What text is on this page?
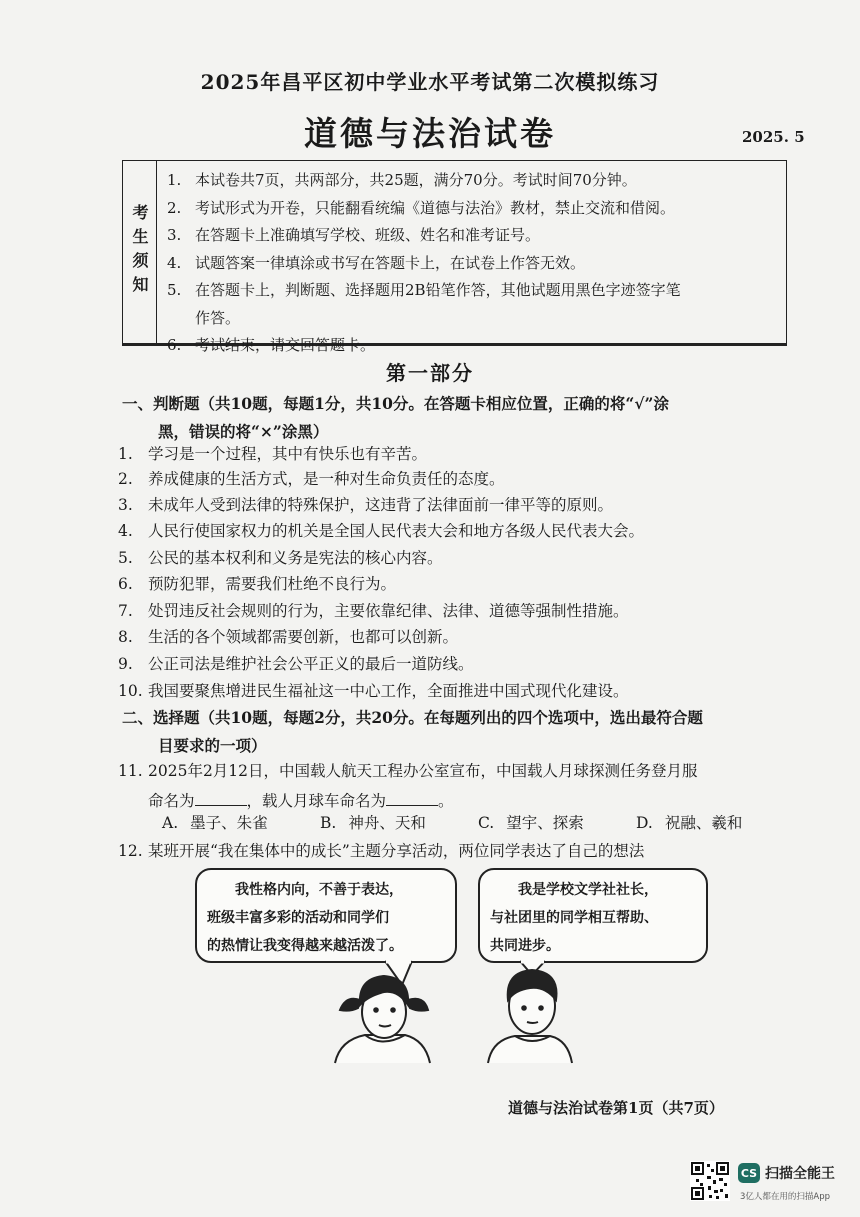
2025年昌平区初中学业水平考试第二次模拟练习
道德与法治试卷	2025. 5
考生须知
1. 本试卷共7页，共两部分，共25题，满分70分。考试时间70分钟。
2. 考试形式为开卷，只能翻看统编《道德与法治》教材，禁止交流和借阅。
3. 在答题卡上准确填写学校、班级、姓名和准考证号。
4. 试题答案一律填涂或书写在答题卡上，在试卷上作答无效。
5. 在答题卡上，判断题、选择题用2B铅笔作答，其他试题用黑色字迹签字笔
作答。
6. 考试结束，请交回答题卡。
第一部分
一、判断题（共10题，每题1分，共10分。在答题卡相应位置，正确的将“√”涂
黑，错误的将“×”涂黑）
1. 学习是一个过程，其中有快乐也有辛苦。
2. 养成健康的生活方式，是一种对生命负责任的态度。
3. 未成年人受到法律的特殊保护，这违背了法律面前一律平等的原则。
4. 人民行使国家权力的机关是全国人民代表大会和地方各级人民代表大会。
5. 公民的基本权利和义务是宪法的核心内容。
6. 预防犯罪，需要我们杜绝不良行为。
7. 处罚违反社会规则的行为，主要依靠纪律、法律、道德等强制性措施。
8. 生活的各个领域都需要创新，也都可以创新。
9. 公正司法是维护社会公平正义的最后一道防线。
10. 我国要聚焦增进民生福祉这一中心工作，全面推进中国式现代化建设。
二、选择题（共10题，每题2分，共20分。在每题列出的四个选项中，选出最符合题
目要求的一项）
11. 2025年2月12日，中国载人航天工程办公室宣布，中国载人月球探测任务登月服
命名为	，载人月球车命名为	。
A. 墨子、朱雀	B. 神舟、天和	C. 望宇、探索	D. 祝融、羲和
12. 某班开展“我在集体中的成长”主题分享活动，两位同学表达了自己的想法
我性格内向，不善于表达，
班级丰富多彩的活动和同学们
的热情让我变得越来越活泼了。
我是学校文学社社长，
与社团里的同学相互帮助、
共同进步。
道德与法治试卷第1页（共7页）
CS 扫描全能王
3亿人都在用的扫描App
